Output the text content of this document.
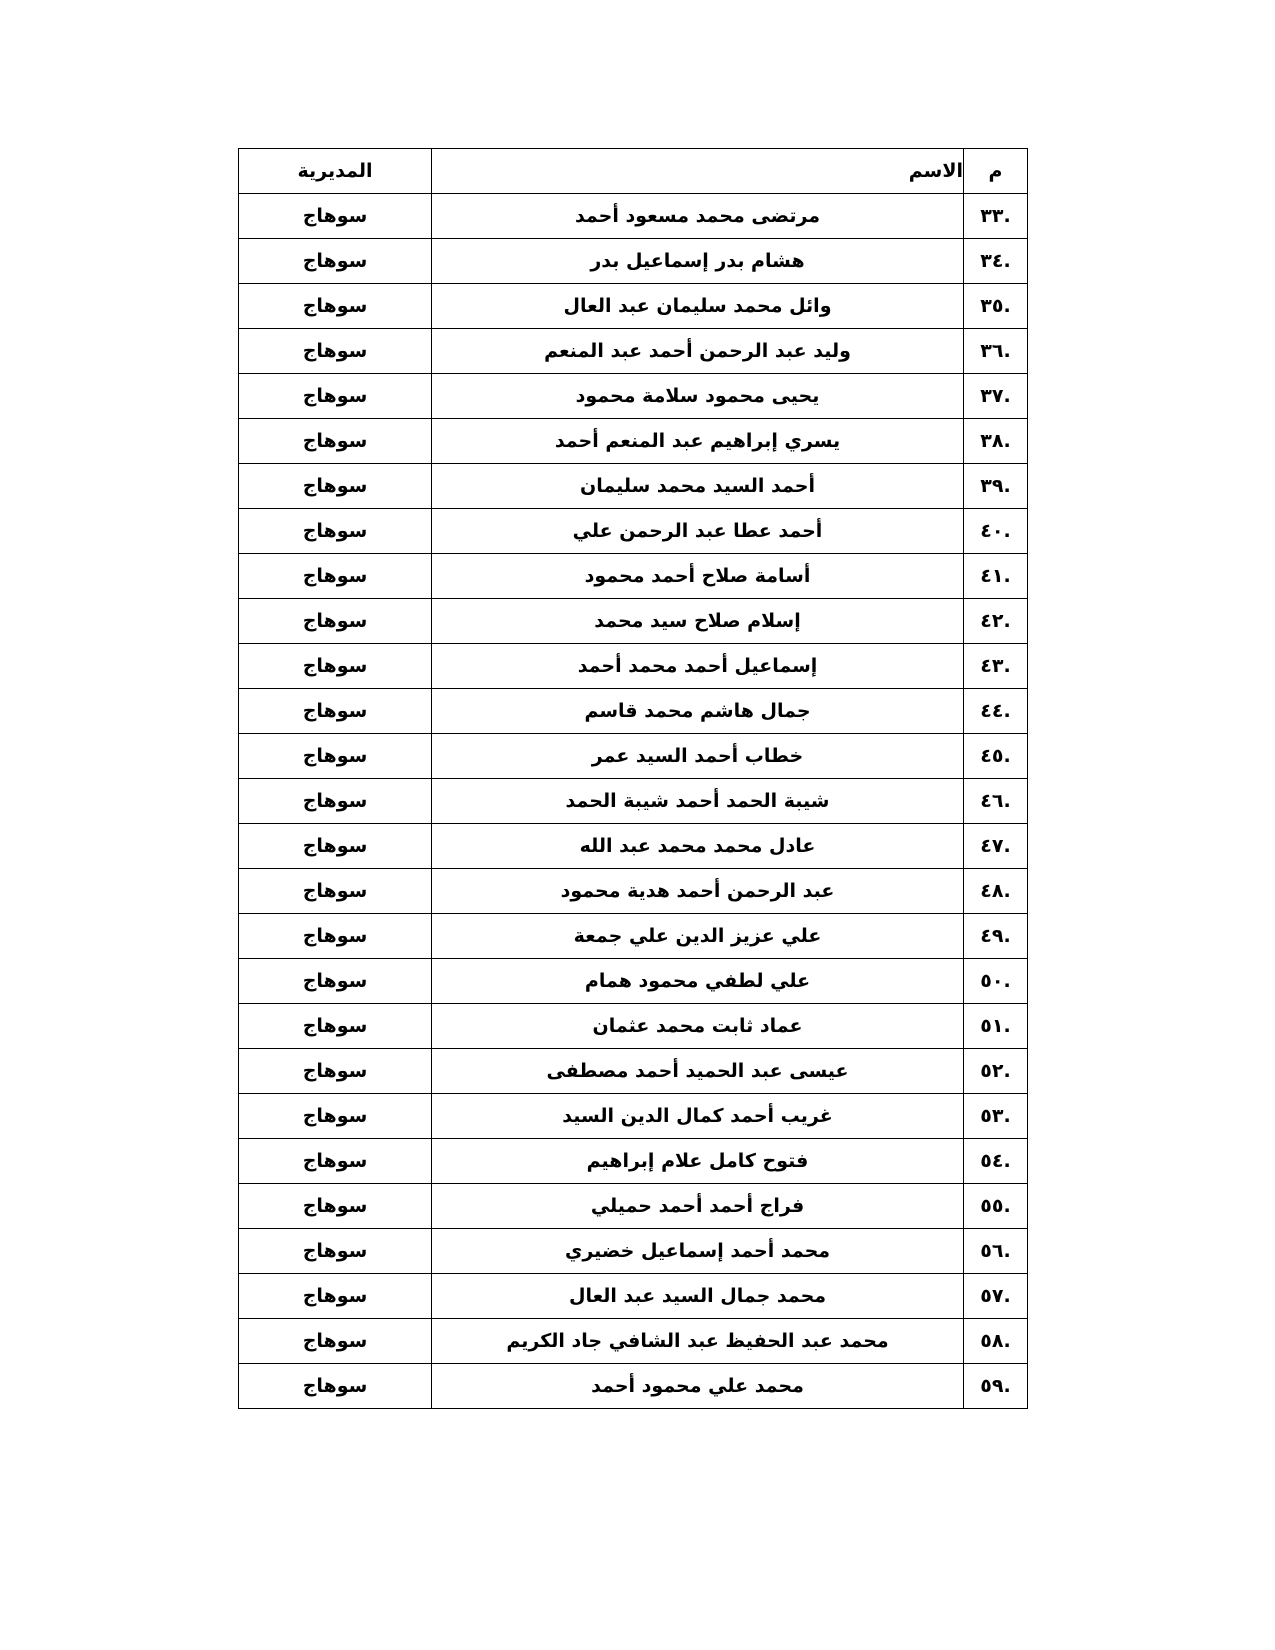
م	الاسم	المديرية
.٣٣	مرتضى محمد مسعود أحمد	سوهاج
.٣٤	هشام بدر إسماعيل بدر	سوهاج
.٣٥	وائل محمد سليمان عبد العال	سوهاج
.٣٦	وليد عبد الرحمن أحمد عبد المنعم	سوهاج
.٣٧	يحيى محمود سلامة محمود	سوهاج
.٣٨	يسري إبراهيم عبد المنعم أحمد	سوهاج
.٣٩	أحمد السيد محمد سليمان	سوهاج
.٤٠	أحمد عطا عبد الرحمن علي	سوهاج
.٤١	أسامة صلاح أحمد محمود	سوهاج
.٤٢	إسلام صلاح سيد محمد	سوهاج
.٤٣	إسماعيل أحمد محمد أحمد	سوهاج
.٤٤	جمال هاشم محمد قاسم	سوهاج
.٤٥	خطاب أحمد السيد عمر	سوهاج
.٤٦	شيبة الحمد أحمد شيبة الحمد	سوهاج
.٤٧	عادل محمد محمد عبد الله	سوهاج
.٤٨	عبد الرحمن أحمد هدية محمود	سوهاج
.٤٩	علي عزيز الدين علي جمعة	سوهاج
.٥٠	علي لطفي محمود همام	سوهاج
.٥١	عماد ثابت محمد عثمان	سوهاج
.٥٢	عيسى عبد الحميد أحمد مصطفى	سوهاج
.٥٣	غريب أحمد كمال الدين السيد	سوهاج
.٥٤	فتوح كامل علام إبراهيم	سوهاج
.٥٥	فراج أحمد أحمد حميلي	سوهاج
.٥٦	محمد أحمد إسماعيل خضيري	سوهاج
.٥٧	محمد جمال السيد عبد العال	سوهاج
.٥٨	محمد عبد الحفيظ عبد الشافي جاد الكريم	سوهاج
.٥٩	محمد علي محمود أحمد	سوهاج
